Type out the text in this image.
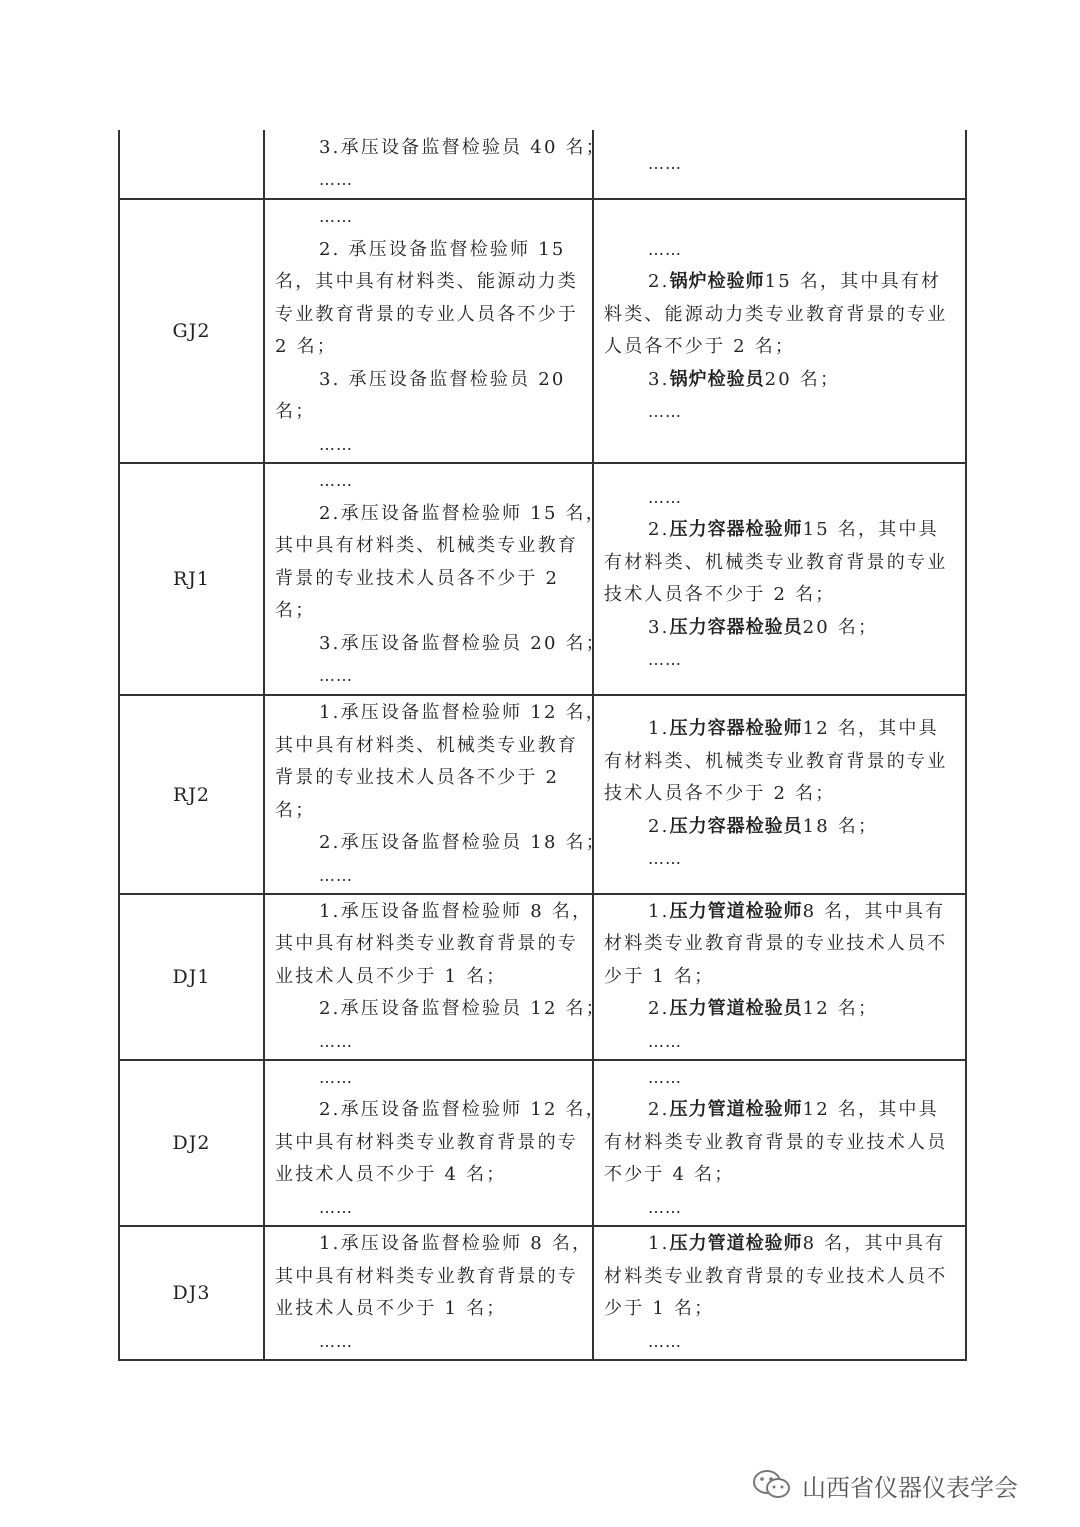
3.承压设备监督检验员 40 名；
……
……
GJ2
……
2. 承压设备监督检验师 15
名，其中具有材料类、能源动力类
专业教育背景的专业人员各不少于
2 名；
3. 承压设备监督检验员 20
名；
……
……
2.锅炉检验师15 名，其中具有材
料类、能源动力类专业教育背景的专业
人员各不少于 2 名；
3.锅炉检验员20 名；
……
RJ1
……
2.承压设备监督检验师 15 名，
其中具有材料类、机械类专业教育
背景的专业技术人员各不少于 2
名；
3.承压设备监督检验员 20 名；
……
……
2.压力容器检验师15 名，其中具
有材料类、机械类专业教育背景的专业
技术人员各不少于 2 名；
3.压力容器检验员20 名；
……
RJ2
1.承压设备监督检验师 12 名，
其中具有材料类、机械类专业教育
背景的专业技术人员各不少于 2
名；
2.承压设备监督检验员 18 名；
……
1.压力容器检验师12 名，其中具
有材料类、机械类专业教育背景的专业
技术人员各不少于 2 名；
2.压力容器检验员18 名；
……
DJ1
1.承压设备监督检验师 8 名，
其中具有材料类专业教育背景的专
业技术人员不少于 1 名；
2.承压设备监督检验员 12 名；
……
1.压力管道检验师8 名，其中具有
材料类专业教育背景的专业技术人员不
少于 1 名；
2.压力管道检验员12 名；
……
DJ2
……
2.承压设备监督检验师 12 名，
其中具有材料类专业教育背景的专
业技术人员不少于 4 名；
……
……
2.压力管道检验师12 名，其中具
有材料类专业教育背景的专业技术人员
不少于 4 名；
……
DJ3
1.承压设备监督检验师 8 名，
其中具有材料类专业教育背景的专
业技术人员不少于 1 名；
……
1.压力管道检验师8 名，其中具有
材料类专业教育背景的专业技术人员不
少于 1 名；
……
山西省仪器仪表学会
